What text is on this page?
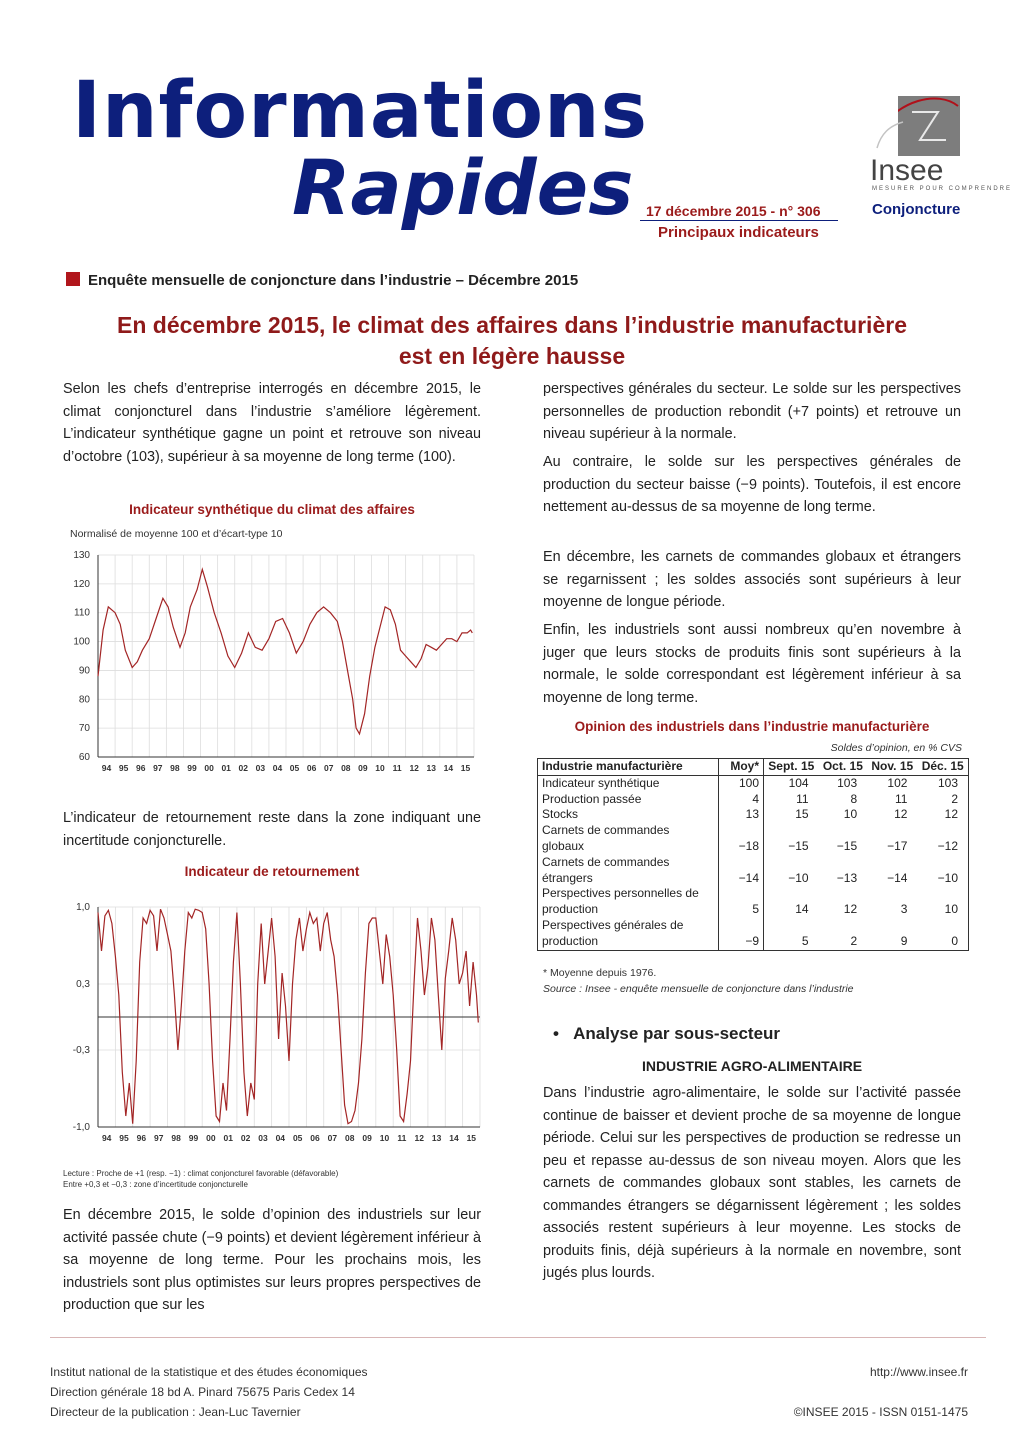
Informations
Rapides 17 décembre 2015 - n° 306
Principaux indicateurs
Insee
MESURER POUR COMPRENDRE
Conjoncture
Enquête mensuelle de conjoncture dans l’industrie – Décembre 2015
En décembre 2015, le climat des affaires dans l’industrie manufacturière
est en légère hausse
Selon les chefs d’entreprise interrogés en décembre 2015, le climat conjoncturel dans l’industrie s’améliore légèrement. L’indicateur synthétique gagne un point et retrouve son niveau d’octobre (103), supérieur à sa moyenne de long terme (100).
Indicateur synthétique du climat des affaires
Normalisé de moyenne 100 et d’écart-type 10
60
70
80
90
100
110
120
130
94 95 96 97 98 99 00 01 02 03 04 05 06 07 08 09 10 11 12 13 14 15
L’indicateur de retournement reste dans la zone indiquant une incertitude conjoncturelle.
Indicateur de retournement
1,0
0,3
-0,3
-1,0
94 95 96 97 98 99 00 01 02 03 04 05 06 07 08 09 10 11 12 13 14 15
Lecture : Proche de +1 (resp. −1) : climat conjoncturel favorable (défavorable)
Entre +0,3 et −0,3 : zone d’incertitude conjoncturelle
En décembre 2015, le solde d’opinion des industriels sur leur activité passée chute (−9 points) et devient légèrement inférieur à sa moyenne de long terme. Pour les prochains mois, les industriels sont plus optimistes sur leurs propres perspectives de production que sur les
perspectives générales du secteur. Le solde sur les perspectives personnelles de production rebondit (+7 points) et retrouve un niveau supérieur à la normale.
Au contraire, le solde sur les perspectives générales de production du secteur baisse (−9 points). Toutefois, il est encore nettement au-dessus de sa moyenne de long terme.
En décembre, les carnets de commandes globaux et étrangers se regarnissent ; les soldes associés sont supérieurs à leur moyenne de longue période.
Enfin, les industriels sont aussi nombreux qu’en novembre à juger que leurs stocks de produits finis sont supérieurs à la normale, le solde correspondant est légèrement inférieur à sa moyenne de long terme.
Opinion des industriels dans l’industrie manufacturière
Soldes d’opinion, en % CVS
Industrie manufacturière	Moy*	Sept. 15	Oct. 15	Nov. 15	Déc. 15
Indicateur synthétique	100	104	103	102	103
Production passée	4	11	8	11	2
Stocks	13	15	10	12	12
Carnets de commandes globaux	−18	−15	−15	−17	−12
Carnets de commandes étrangers	−14	−10	−13	−14	−10
Perspectives personnelles de production	5	14	12	3	10
Perspectives générales de production	−9	5	2	9	0
* Moyenne depuis 1976.
Source : Insee - enquête mensuelle de conjoncture dans l’industrie
• Analyse par sous-secteur
INDUSTRIE AGRO-ALIMENTAIRE
Dans l’industrie agro-alimentaire, le solde sur l’activité passée continue de baisser et devient proche de sa moyenne de longue période. Celui sur les perspectives de production se redresse un peu et repasse au-dessus de son niveau moyen. Alors que les carnets de commandes globaux sont stables, les carnets de commandes étrangers se dégarnissent légèrement ; les soldes associés restent supérieurs à leur moyenne. Les stocks de produits finis, déjà supérieurs à la normale en novembre, sont jugés plus lourds.
Institut national de la statistique et des études économiques
Direction générale 18 bd A. Pinard 75675 Paris Cedex 14
Directeur de la publication : Jean-Luc Tavernier
http://www.insee.fr

©INSEE 2015 - ISSN 0151-1475
